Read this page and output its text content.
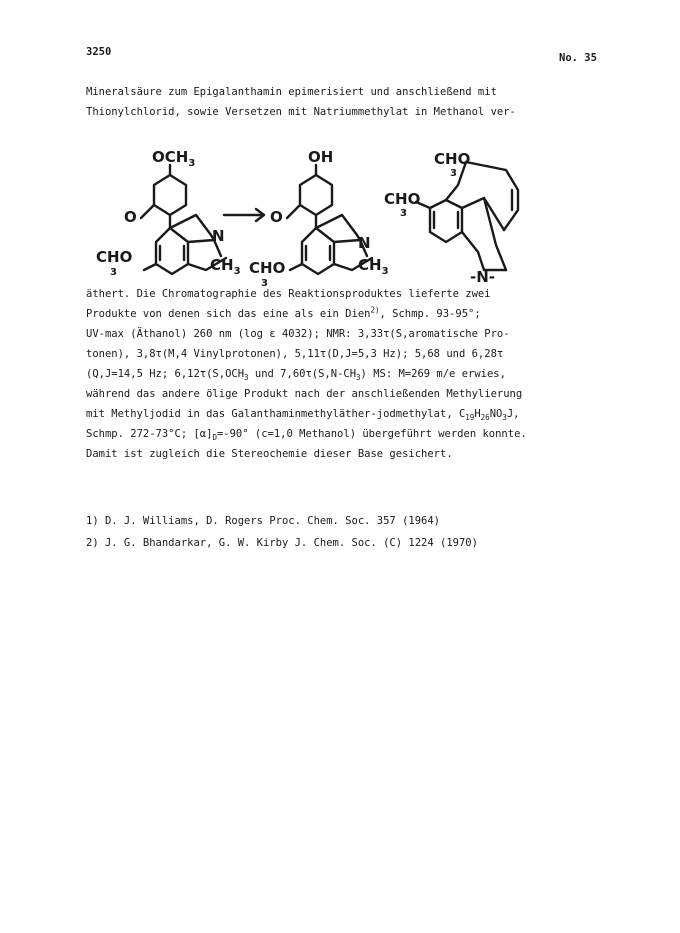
3250	No. 35
Mineralsäure zum Epigalanthamin epimerisiert und anschließend mit
Thionylchlorid, sowie Versetzen mit Natriummethylat in Methanol ver-
$OCH_3$
O
CHO
3
N
$CH_3$
⟶
OH
O
CHO
3
N
$CH_3$
CHO
3
CHO
3
-N-
äthert. Die Chromatographie des Reaktionsproduktes lieferte zwei
Produkte von denen sich das eine als ein Dien$^{2)}$, Schmp. 93-95°;
UV-max (Äthanol) 260 nm (log ε 4032); NMR: 3,33τ(S,aromatische Pro-
tonen), 3,8τ(M,4 Vinylprotonen), 5,11τ(D,J=5,3 Hz); 5,68 und 6,28τ
(Q,J=14,5 Hz; $6,12\tau(S,OCH_3$ und $7,60\tau(S,N-CH_3)$ MS: M=269 m/e erwies,
während das andere ölige Produkt nach der anschließenden Methylierung
mit Methyljodid in das Galanthaminmethyläther-jodmethylat, $C_{19}H_{26}NO_3J$,
Schmp. 272-73°C; $[\alpha]_D=-90^\circ$ (c=1,0 Methanol) übergeführt werden konnte.
Damit ist zugleich die Stereochemie dieser Base gesichert.
1) D. J. Williams, D. Rogers Proc. Chem. Soc. 357 (1964)
2) J. G. Bhandarkar, G. W. Kirby J. Chem. Soc. (C) 1224 (1970)
